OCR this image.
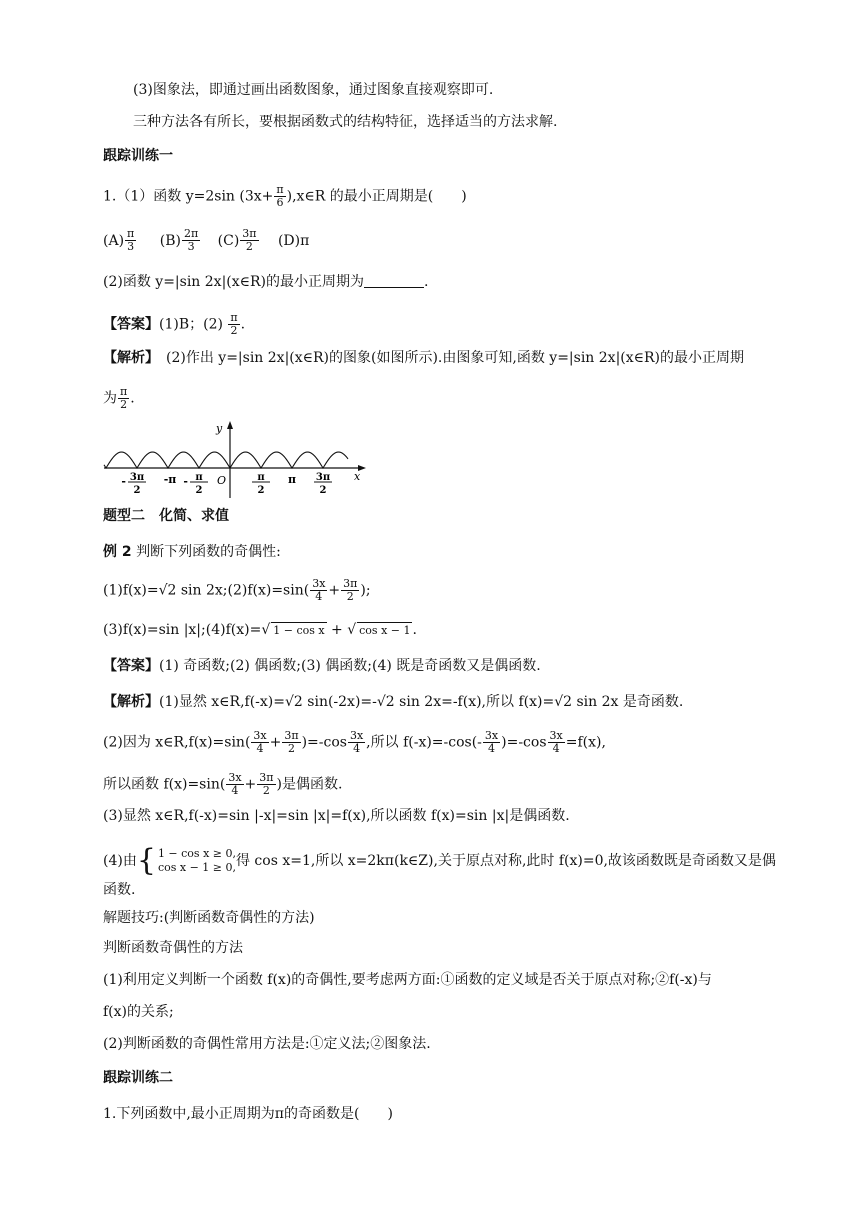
(3)图象法，即通过画出函数图象，通过图象直接观察即可.
三种方法各有所长，要根据函数式的结构特征，选择适当的方法求解.
跟踪训练一
1.（1）函数 y=2sin ($3x+ \frac{\pi}{6}$ ),x∈R 的最小正周期是(　　)
$(A) \frac{\pi}{3} (B) \frac{2\pi}{3} (C) \frac{3\pi}{2} (D)\pi$
(2)函数 y=|sin 2x|(x∈R)的最小正周期为	.
【答案】(1)B；$(2) \frac{\pi}{2}$ .
【解析】　(2)作出 y=|sin 2x|(x∈R)的图象(如图所示).由图象可知,函数 y=|sin 2x|(x∈R)的最小正周期
为 $\frac{\pi}{2}$ .
y
x
O
- 3π
2
-π - π
2
π
2
π 3π
2
题型二　化简、求值
例 2 判断下列函数的奇偶性:
(1)f(x)=√2 sin 2x;(2)f(x)=sin( $\frac{3x}{4} + \frac{3\pi}{2}$ );
(3)f(x)=sin |x|;(4)f(x)=√ 1 − cos x + √ cos x − 1 .
【答案】(1) 奇函数;(2) 偶函数;(3) 偶函数;(4) 既是奇函数又是偶函数.
【解析】(1)显然 x∈R,f(-x)=√2 sin(-2x)=-√2 sin 2x=-f(x),所以 f(x)=√2 sin 2x 是奇函数.
(2)因为 x∈R,f(x)=sin( $\frac{3x}{4} + \frac{3\pi}{2} )=-\cos \frac{3x}{4}$ ,所以 $f(-x)=-\cos(- \frac{3x}{4} )=-\cos \frac{3x}{4} =f(x)$,
所以函数 $f(x)=\sin( \frac{3x}{4} + \frac{3\pi}{2}$ )是偶函数.
(3)显然 x∈R,f(-x)=sin |-x|=sin |x|=f(x),所以函数 f(x)=sin |x|是偶函数.
(4)由 { 1 − cos x ≥ 0,
cos x − 1 ≥ 0, 得 cos x=1,所以 x=2kπ(k∈Z),关于原点对称,此时 f(x)=0,故该函数既是奇函数又是偶
函数.
解题技巧:(判断函数奇偶性的方法)
判断函数奇偶性的方法
(1)利用定义判断一个函数 f(x)的奇偶性,要考虑两方面:①函数的定义域是否关于原点对称;②f(-x)与
f(x)的关系;
(2)判断函数的奇偶性常用方法是:①定义法;②图象法.
跟踪训练二
1.下列函数中,最小正周期为π的奇函数是(　　)
